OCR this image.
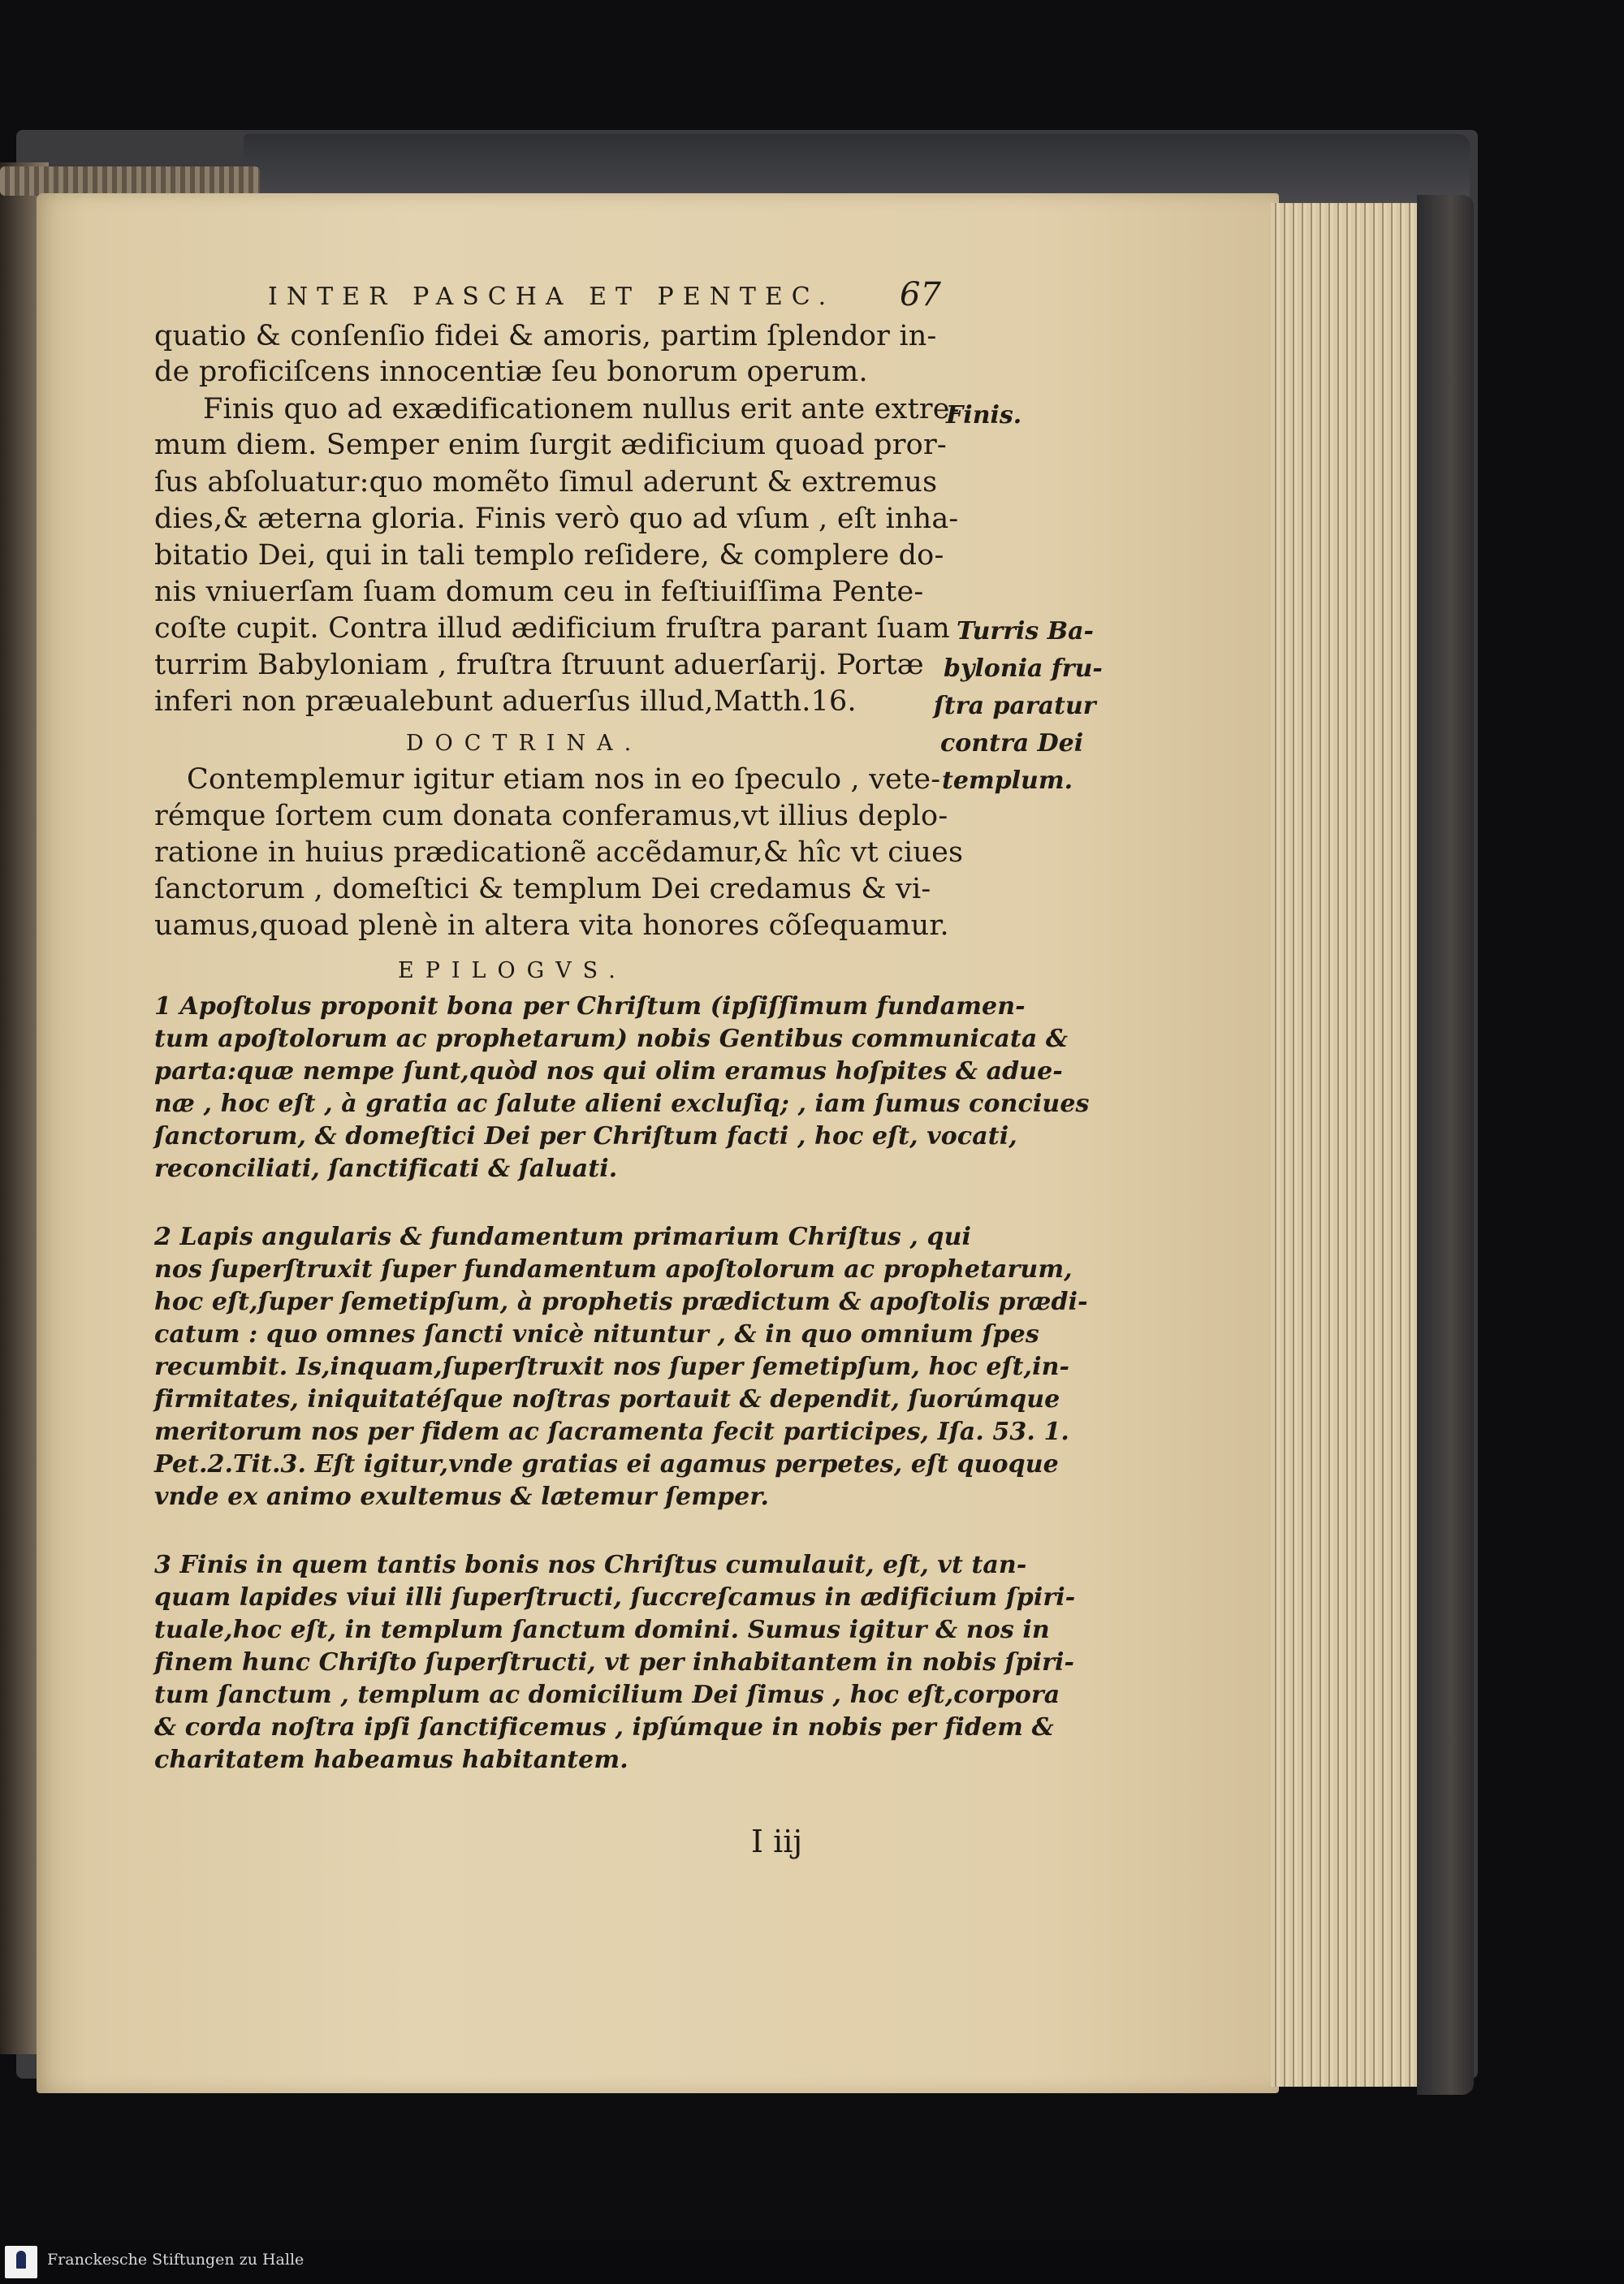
INTER PASCHA ET PENTEC. 67
quatio & conſenſio fidei & amoris, partim ſplendor in-
de proficiſcens innocentiæ ſeu bonorum operum.
Finis quo ad exædificationem nullus erit ante extre-
mum diem. Semper enim ſurgit ædificium quoad pror-
ſus abſoluatur:quo momẽto ſimul aderunt & extremus
dies,& æterna gloria. Finis verò quo ad vſum , eſt inha-
bitatio Dei, qui in tali templo reſidere, & complere do-
nis vniuerſam ſuam domum ceu in feſtiuiſſima Pente-
coſte cupit. Contra illud ædificium fruſtra parant ſuam
turrim Babyloniam , fruſtra ſtruunt aduerſarij. Portæ
inferi non præualebunt aduerſus illud,Matth.16.
DOCTRINA.
Contemplemur igitur etiam nos in eo ſpeculo , vete-
rémque ſortem cum donata conferamus,vt illius deplo-
ratione in huius prædicationẽ accẽdamur,& hîc vt ciues
ſanctorum , domeſtici & templum Dei credamus & vi-
uamus,quoad plenè in altera vita honores cõſequamur.
EPILOGVS.
1 Apoſtolus proponit bona per Chriſtum (ipſiſſimum fundamen-
tum apoſtolorum ac prophetarum) nobis Gentibus communicata &
parta:quæ nempe ſunt,quòd nos qui olim eramus hoſpites & adue-
næ , hoc eſt , à gratia ac ſalute alieni excluſiq; , iam ſumus conciues
ſanctorum, & domeſtici Dei per Chriſtum facti , hoc eſt, vocati,
reconciliati, ſanctificati & ſaluati.
2 Lapis angularis & fundamentum primarium Chriſtus , qui
nos ſuperſtruxit ſuper fundamentum apoſtolorum ac prophetarum,
hoc eſt,ſuper ſemetipſum, à prophetis prædictum & apoſtolis prædi-
catum : quo omnes ſancti vnicè nituntur , & in quo omnium ſpes
recumbit. Is,inquam,ſuperſtruxit nos ſuper ſemetipſum, hoc eſt,in-
firmitates, iniquitatéſque noſtras portauit & dependit, ſuorúmque
meritorum nos per fidem ac ſacramenta fecit participes, Iſa. 53. 1.
Pet.2.Tit.3. Eſt igitur,vnde gratias ei agamus perpetes, eſt quoque
vnde ex animo exultemus & lætemur ſemper.
3 Finis in quem tantis bonis nos Chriſtus cumulauit, eſt, vt tan-
quam lapides viui illi ſuperſtructi, ſuccreſcamus in ædificium ſpiri-
tuale,hoc eſt, in templum ſanctum domini. Sumus igitur & nos in
finem hunc Chriſto ſuperſtructi, vt per inhabitantem in nobis ſpiri-
tum ſanctum , templum ac domicilium Dei ſimus , hoc eſt,corpora
& corda noſtra ipſi ſanctificemus , ipſúmque in nobis per fidem &
charitatem habeamus habitantem.
Finis.
Turris Ba-
bylonia fru-
ſtra paratur
contra Dei
templum.
I iij
Franckesche Stiftungen zu Halle
